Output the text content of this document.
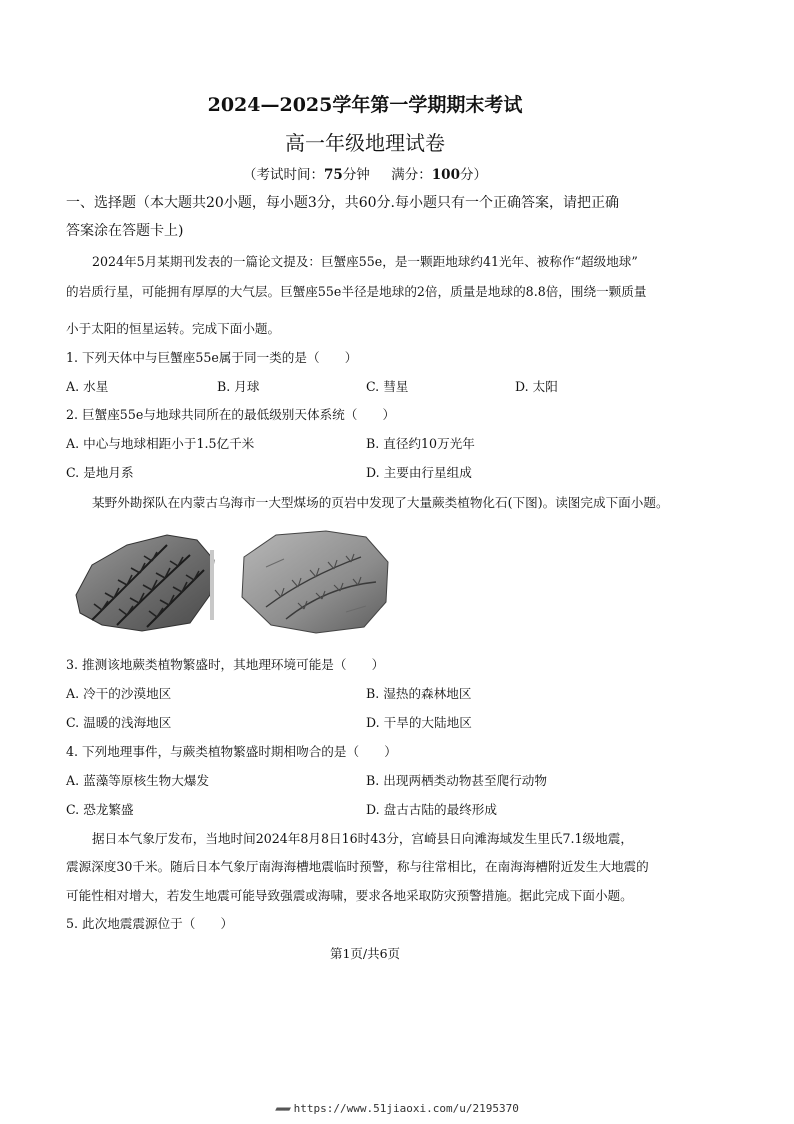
2024—2025学年第一学期期末考试
高一年级地理试卷
（考试时间：75分钟 满分：100分）
一、选择题（本大题共20小题，每小题3分，共60分.每小题只有一个正确答案，请把正确
答案涂在答题卡上)
2024年5月某期刊发表的一篇论文提及：巨蟹座55e，是一颗距地球约41光年、被称作“超级地球”
的岩质行星，可能拥有厚厚的大气层。巨蟹座55e半径是地球的2倍，质量是地球的8.8倍，围绕一颗质量
小于太阳的恒星运转。完成下面小题。
1. 下列天体中与巨蟹座55e属于同一类的是（　　）
A. 水星	B. 月球	C. 彗星	D. 太阳
2. 巨蟹座55e与地球共同所在的最低级别天体系统（　　）
A. 中心与地球相距小于1.5亿千米	B. 直径约10万光年
C. 是地月系	D. 主要由行星组成
某野外勘探队在内蒙古乌海市一大型煤场的页岩中发现了大量蕨类植物化石(下图)。读图完成下面小题。
3. 推测该地蕨类植物繁盛时，其地理环境可能是（　　）
A. 冷干的沙漠地区	B. 湿热的森林地区
C. 温暖的浅海地区	D. 干旱的大陆地区
4. 下列地理事件，与蕨类植物繁盛时期相吻合的是（　　）
A. 蓝藻等原核生物大爆发	B. 出现两栖类动物甚至爬行动物
C. 恐龙繁盛	D. 盘古古陆的最终形成
据日本气象厅发布，当地时间2024年8月8日16时43分，宫崎县日向滩海域发生里氏7.1级地震，
震源深度30千米。随后日本气象厅南海海槽地震临时预警，称与往常相比，在南海海槽附近发生大地震的
可能性相对增大，若发生地震可能导致强震或海啸，要求各地采取防灾预警措施。据此完成下面小题。
5. 此次地震震源位于（　　）
第1页/共6页
▰▰▰ https://www.51jiaoxi.com/u/2195370
